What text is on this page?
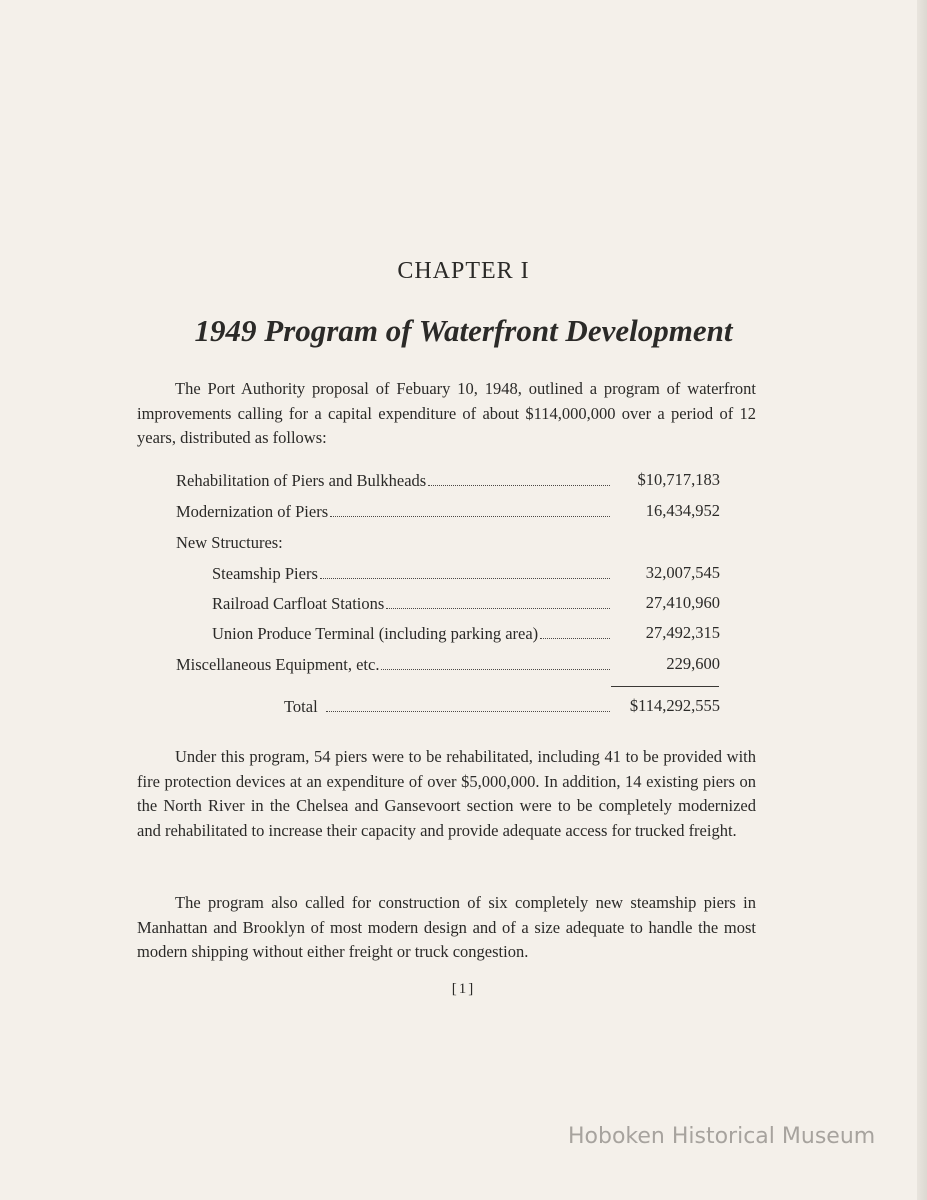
CHAPTER I
1949 Program of Waterfront Development

The Port Authority proposal of Febuary 10, 1948, outlined a program of waterfront improvements calling for a capital expenditure of about $114,000,000 over a period of 12 years, distributed as follows:

Rehabilitation of Piers and Bulkheads	$10,717,183
Modernization of Piers	16,434,952
New Structures:
Steamship Piers	32,007,545
Railroad Carfloat Stations	27,410,960
Union Produce Terminal (including parking area)	27,492,315
Miscellaneous Equipment, etc.	229,600
Total	$114,292,555

Under this program, 54 piers were to be rehabilitated, including 41 to be provided with fire protection devices at an expenditure of over $5,000,000. In addition, 14 existing piers on the North River in the Chelsea and Gansevoort section were to be completely modernized and rehabilitated to increase their capacity and provide adequate access for trucked freight.

The program also called for construction of six completely new steamship piers in Manhattan and Brooklyn of most modern design and of a size adequate to handle the most modern shipping without either freight or truck congestion.

[1]
Hoboken Historical Museum
